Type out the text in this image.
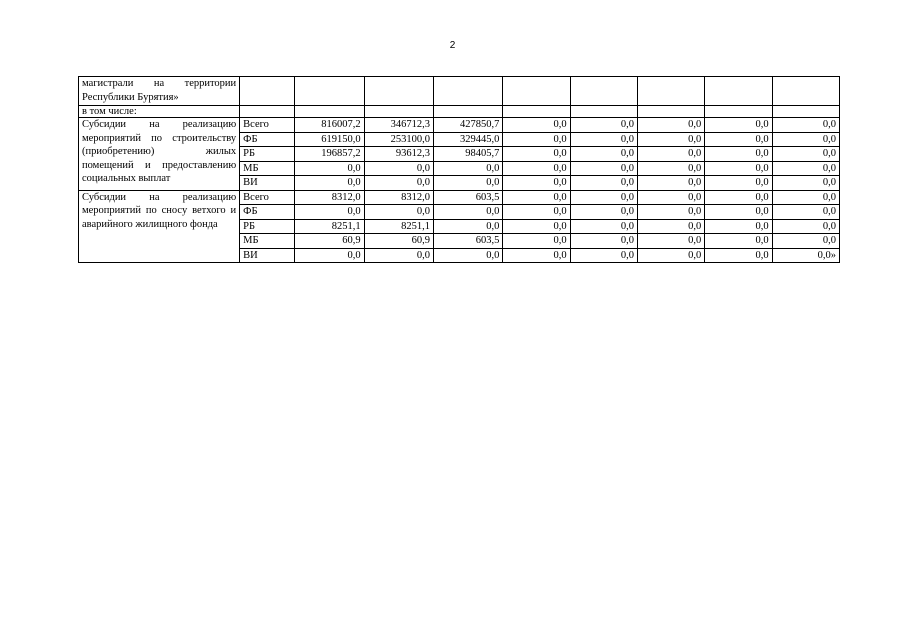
2
магистрали на территории Республики Бурятия»									
в том числе:									
Субсидии на реализацию мероприятий по строительству (приобретению) жилых помещений и предоставлению социальных выплат	Всего	816007,2	346712,3	427850,7	0,0	0,0	0,0	0,0	0,0
	ФБ	619150,0	253100,0	329445,0	0,0	0,0	0,0	0,0	0,0
	РБ	196857,2	93612,3	98405,7	0,0	0,0	0,0	0,0	0,0
	МБ	0,0	0,0	0,0	0,0	0,0	0,0	0,0	0,0
	ВИ	0,0	0,0	0,0	0,0	0,0	0,0	0,0	0,0
Субсидии на реализацию мероприятий по сносу ветхого и аварийного жилищного фонда	Всего	8312,0	8312,0	603,5	0,0	0,0	0,0	0,0	0,0
	ФБ	0,0	0,0	0,0	0,0	0,0	0,0	0,0	0,0
	РБ	8251,1	8251,1	0,0	0,0	0,0	0,0	0,0	0,0
	МБ	60,9	60,9	603,5	0,0	0,0	0,0	0,0	0,0
	ВИ	0,0	0,0	0,0	0,0	0,0	0,0	0,0	0,0»
